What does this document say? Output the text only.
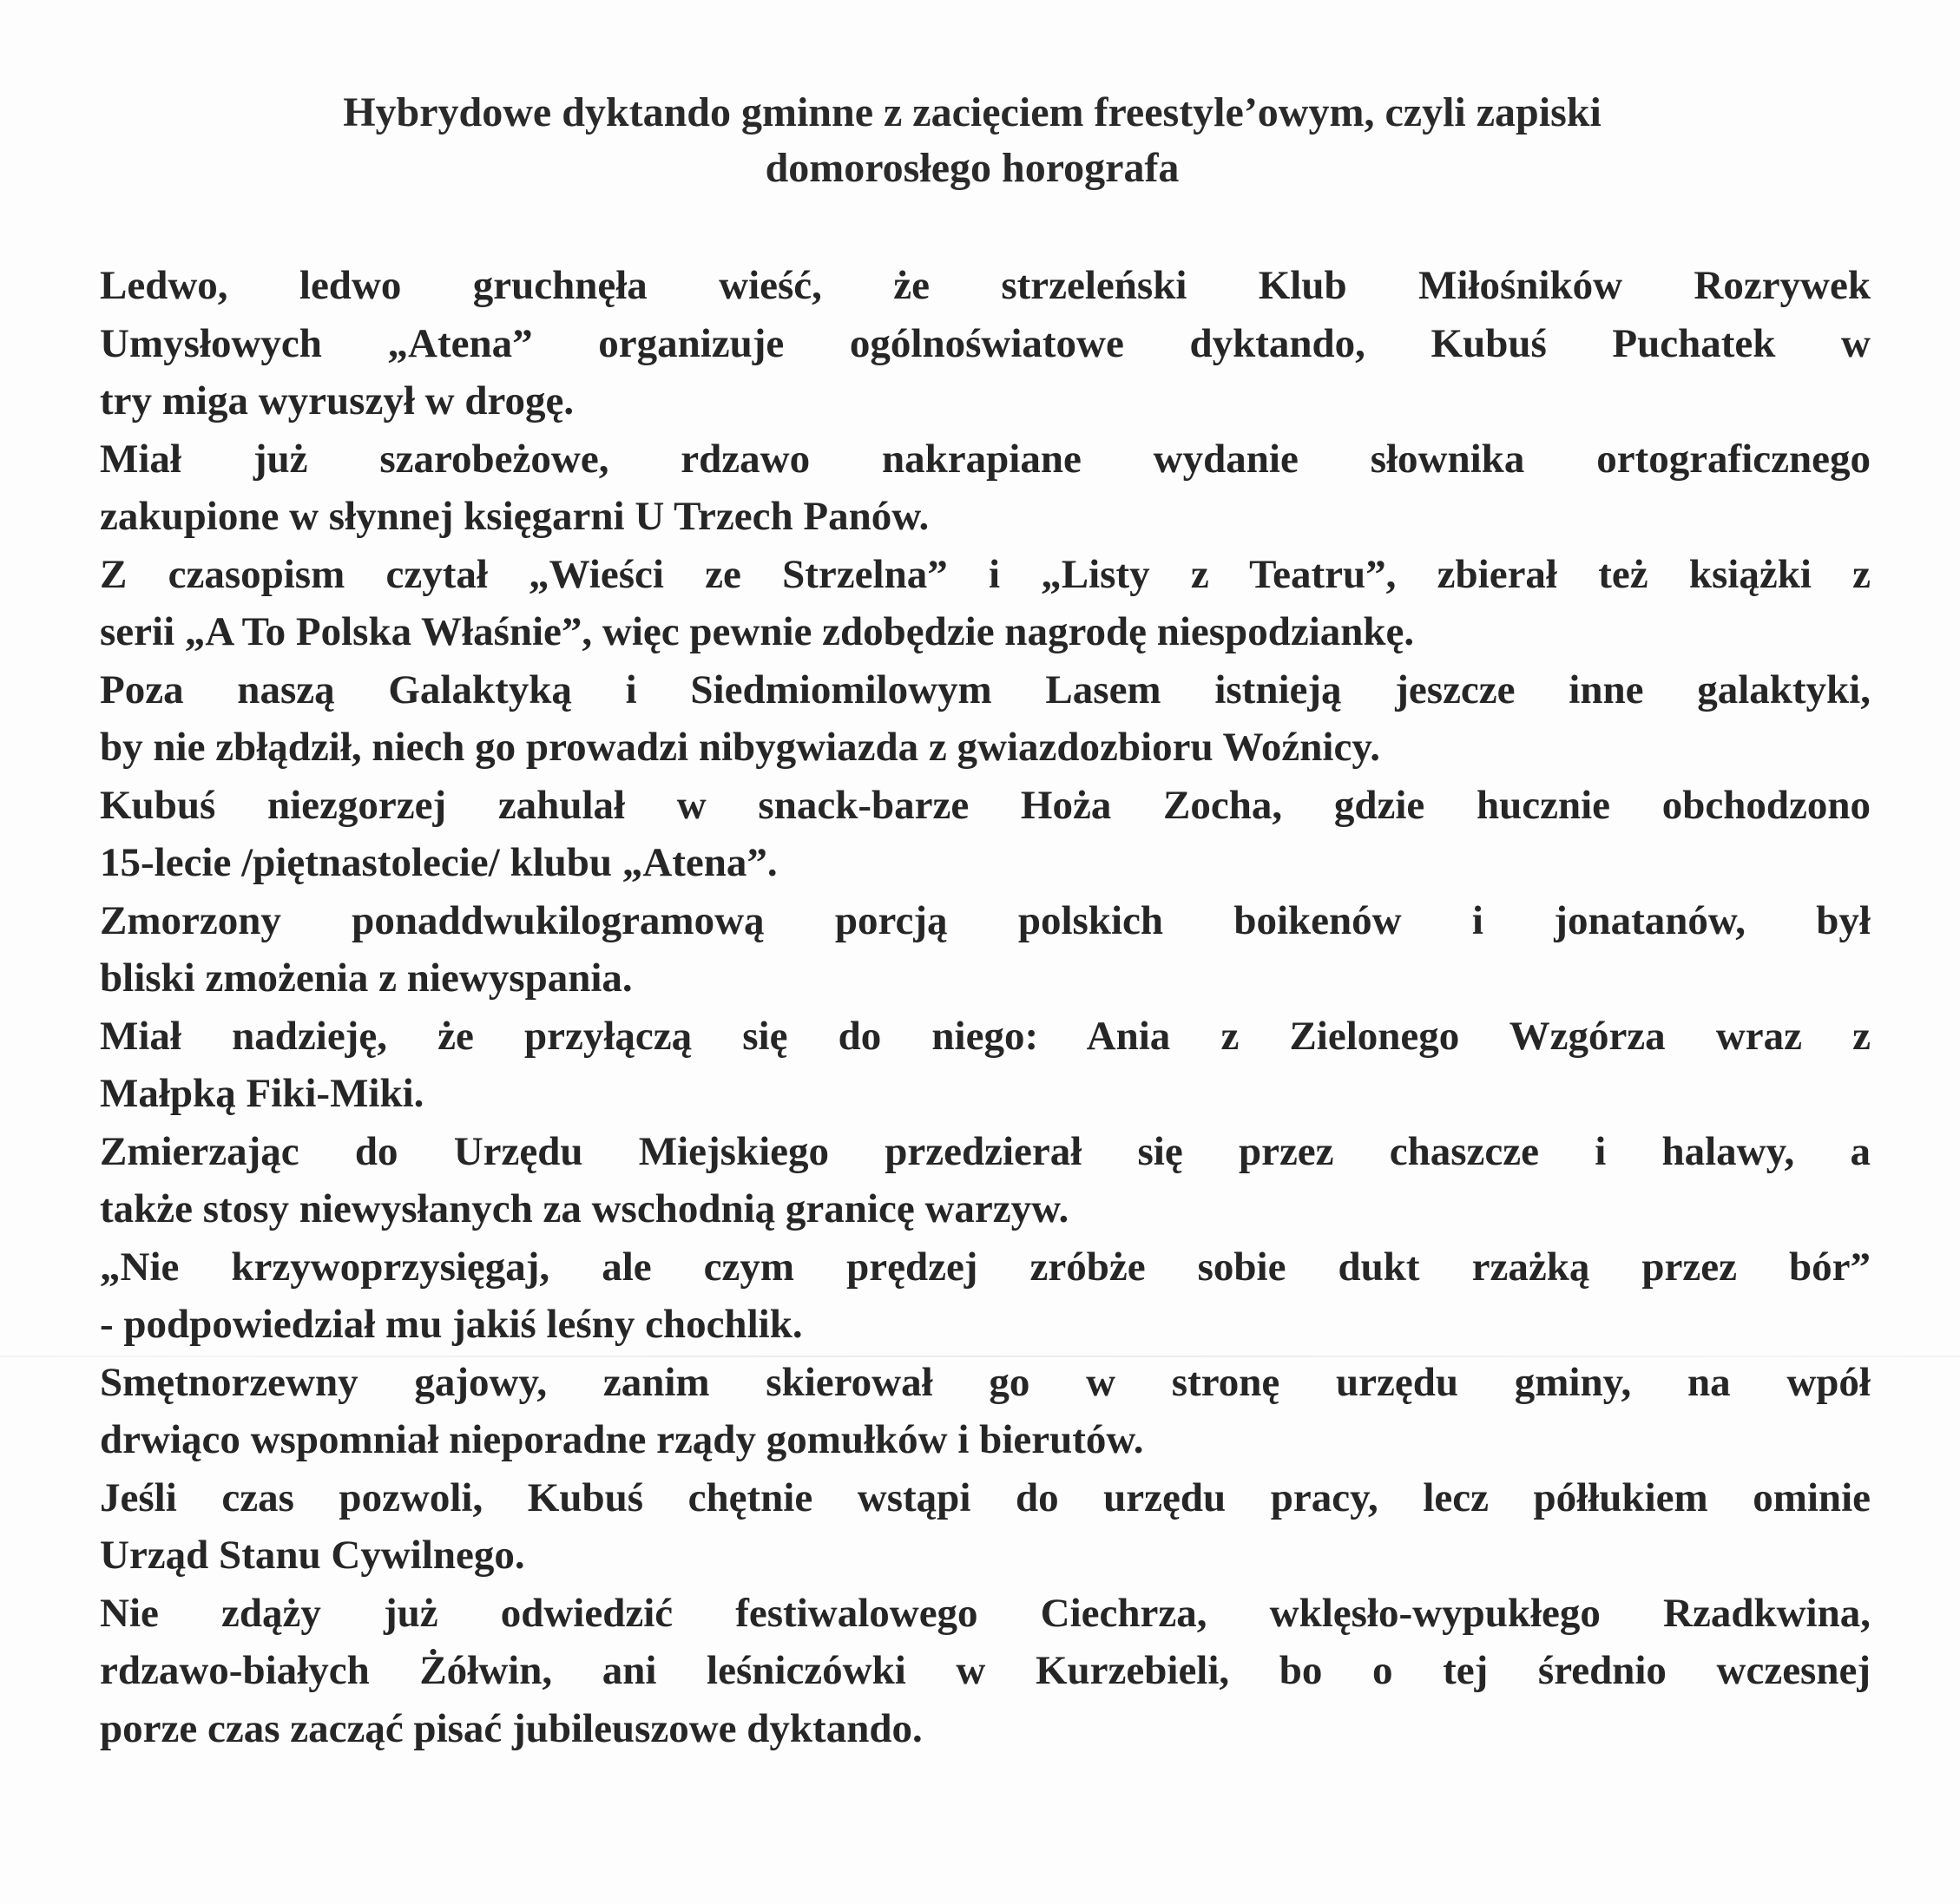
Hybrydowe dyktando gminne z zacięciem freestyle’owym, czyli zapiski
domorosłego horografa

Ledwo, ledwo gruchnęła wieść, że strzeleński Klub Miłośników Rozrywek
Umysłowych „Atena” organizuje ogólnoświatowe dyktando, Kubuś Puchatek w
try miga wyruszył w drogę.

Miał już szarobeżowe, rdzawo nakrapiane wydanie słownika ortograficznego
zakupione w słynnej księgarni U Trzech Panów.

Z czasopism czytał „Wieści ze Strzelna” i „Listy z Teatru”, zbierał też książki z
serii „A To Polska Właśnie”, więc pewnie zdobędzie nagrodę niespodziankę.

Poza naszą Galaktyką i Siedmiomilowym Lasem istnieją jeszcze inne galaktyki,
by nie zbłądził, niech go prowadzi nibygwiazda z gwiazdozbioru Woźnicy.

Kubuś niezgorzej zahulał w snack-barze Hoża Zocha, gdzie hucznie obchodzono
15-lecie /piętnastolecie/ klubu „Atena”.

Zmorzony ponaddwukilogramową porcją polskich boikenów i jonatanów, był
bliski zmożenia z niewyspania.

Miał nadzieję, że przyłączą się do niego: Ania z Zielonego Wzgórza wraz z
Małpką Fiki-Miki.

Zmierzając do Urzędu Miejskiego przedzierał się przez chaszcze i halawy, a
także stosy niewysłanych za wschodnią granicę warzyw.

„Nie krzywoprzysięgaj, ale czym prędzej zróbże sobie dukt rzażką przez bór”
- podpowiedział mu jakiś leśny chochlik.

Smętnorzewny gajowy, zanim skierował go w stronę urzędu gminy, na wpół
drwiąco wspomniał nieporadne rządy gomułków i bierutów.

Jeśli czas pozwoli, Kubuś chętnie wstąpi do urzędu pracy, lecz półłukiem ominie
Urząd Stanu Cywilnego.

Nie zdąży już odwiedzić festiwalowego Ciechrza, wklęsło-wypukłego Rzadkwina,
rdzawo-białych Żółwin, ani leśniczówki w Kurzebieli, bo o tej średnio wczesnej
porze czas zacząć pisać jubileuszowe dyktando.
